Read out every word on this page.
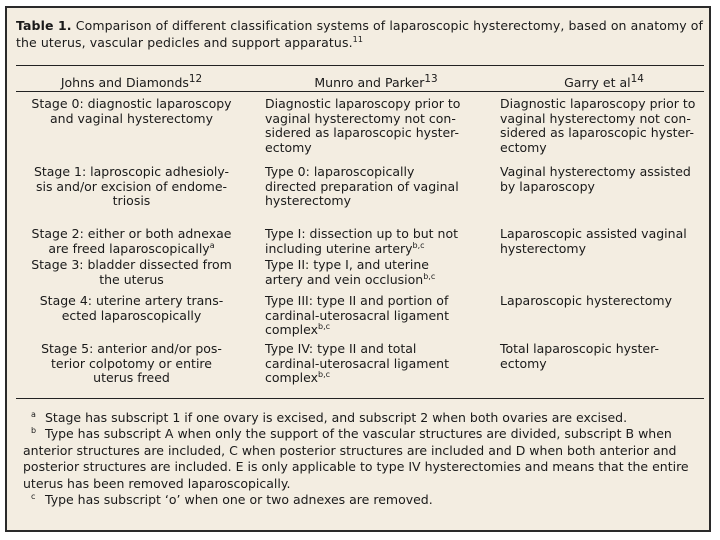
Table 1. Comparison of different classification systems of laparoscopic hysterectomy, based on anatomy of the uterus, vascular pedicles and support apparatus.$^{11}$
Johns and Diamonds$^{12}$	Munro and Parker$^{13}$	Garry et $al^{14}$
Stage 0: diagnostic laparoscopy
and vaginal hysterectomy
Diagnostic laparoscopy prior to
vaginal hysterectomy not con-
sidered as laparoscopic hyster-
ectomy
Diagnostic laparoscopy prior to
vaginal hysterectomy not con-
sidered as laparoscopic hyster-
ectomy
Stage 1: laproscopic adhesioly-
sis and/or excision of endome-
triosis
Type 0: laparoscopically
directed preparation of vaginal
hysterectomy
Vaginal hysterectomy assisted
by laparoscopy
Stage 2: either or both adnexae
are freed laparoscopically$^a$
Type I: dissection up to but not
including uterine artery$^{b,c}$
Laparoscopic assisted vaginal
hysterectomy
Stage 3: bladder dissected from
the uterus
Type II: type I, and uterine
artery and vein occlusion$^{b,c}$
Stage 4: uterine artery trans-
ected laparoscopically
Type III: type II and portion of
cardinal-uterosacral ligament
complex$^{b,c}$
Laparoscopic hysterectomy
Stage 5: anterior and/or pos-
terior colpotomy or entire
uterus freed
Type IV: type II and total
cardinal-uterosacral ligament
complex$^{b,c}$
Total laparoscopic hyster-
ectomy
$^a$ Stage has subscript 1 if one ovary is excised, and subscript 2 when both ovaries are excised.
$^b$ Type has subscript A when only the support of the vascular structures are divided, subscript B when
anterior structures are included, C when posterior structures are included and D when both anterior and
posterior structures are included. E is only applicable to type IV hysterectomies and means that the entire
uterus has been removed laparoscopically.
$^c$ Type has subscript ‘o’ when one or two adnexes are removed.
